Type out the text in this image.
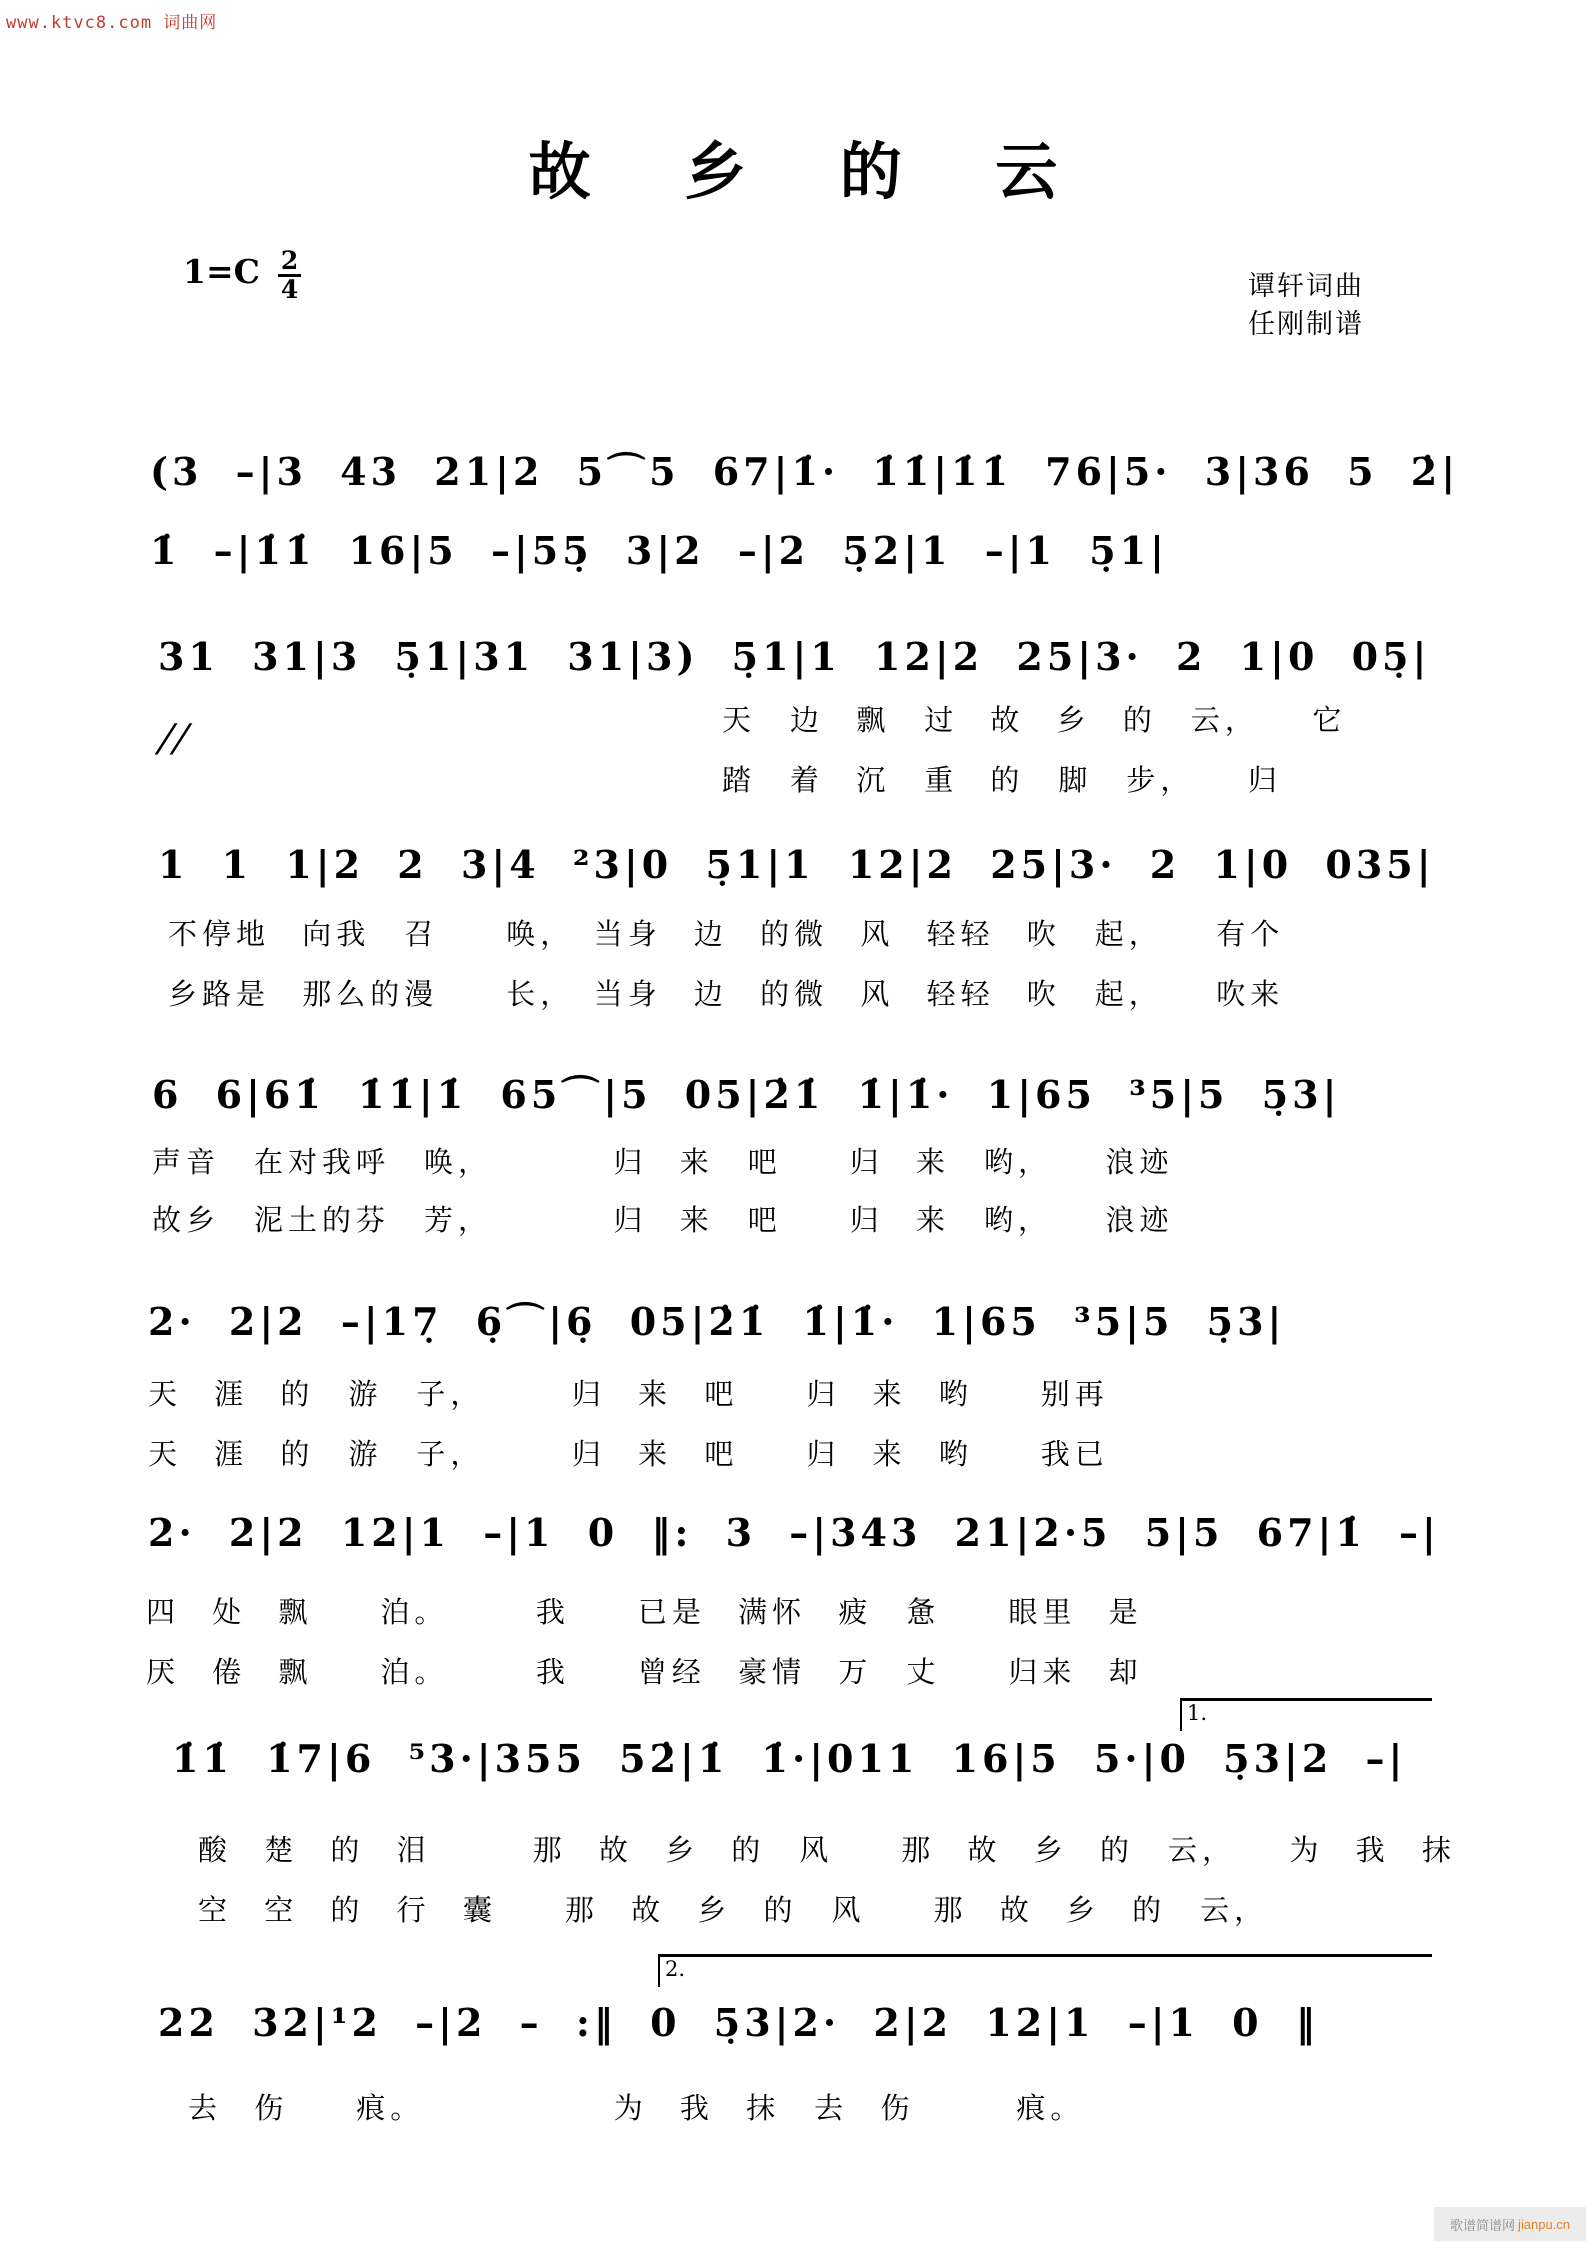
www.ktvc8.com 词曲网
故 乡 的 云
$1=C \frac{2}{4}$	谭轩词曲
任刚制谱
(3 –|3 43 21|2 5⌒5 67|1̇· 1̇1̇|1̇1̇ 76|5· 3|36 5 2̇|
1̇ –|1̇1̇ 16|5 –|55̣ 3|2 –|2 5̣2|1 –|1 5̣1|
31 31|3 5̣1|31 31|3) 5̣1|1 12|2 25|3· 2 1|0 05̣|
//	天　边 飘　过 故 乡 的　云，　　它
踏　着 沉　重 的　脚　步，　　归
1 1 1|2 2 3|4 ²3|0 5̣1|1 12|2 25|3· 2 1|0 035|
不停地 向我　召　　唤，　当身 边 的微 风 轻轻 吹　起，　　有个
乡路是 那么的漫　　长，　当身 边 的微 风 轻轻 吹　起，　　吹来
6 6|61̇ 1̇1̇|1̇ 65⌒|5 05|2̇1̇ 1̇|1̇· 1|65 ³5|5 5̣3|
声音　在对我呼　唤，　　　　归 来　吧　　归 来　哟，　　浪迹
故乡　泥土的芬　芳，　　　　归 来　吧　　归 来　哟，　　浪迹
2· 2|2 –|17̣ 6̣⌒|6̣ 05|2̇1̇ 1̇|1̇· 1|65 ³5|5 5̣3|
天 涯 的　游　子，　　　归 来 吧　　归 来 哟　　别再
天 涯 的　游　子，　　　归 来 吧　　归 来 哟　　我已
2· 2|2 12|1 –|1 0 ‖: 3 –|343 21|2·5 5|5 67|1̇ –|
四 处 飘　　泊。　　　我　　已是 满怀 疲　惫　　眼里 是
厌 倦 飘　　泊。　　　我　　曾经 豪情 万　丈　　归来 却
1.
1̇1̇ 1̇7|6 ⁵3·|355 52̇|1̇ 1̇·|011 16|5 5·|0 5̣3|2 –|
酸 楚 的 泪　　　那 故 乡 的　风　　那 故 乡 的　云，　　为 我 抹
空 空 的 行 囊　　那 故 乡 的　风　　那 故 乡 的　云，
2.
22 32|¹2 –|2 – :‖ 0 5̣3|2· 2|2 12|1 –|1 0 ‖
去 伤　　痕。　　　　　　为 我 抹　去 伤　　　痕。
歌谱简谱网 jianpu.cn
